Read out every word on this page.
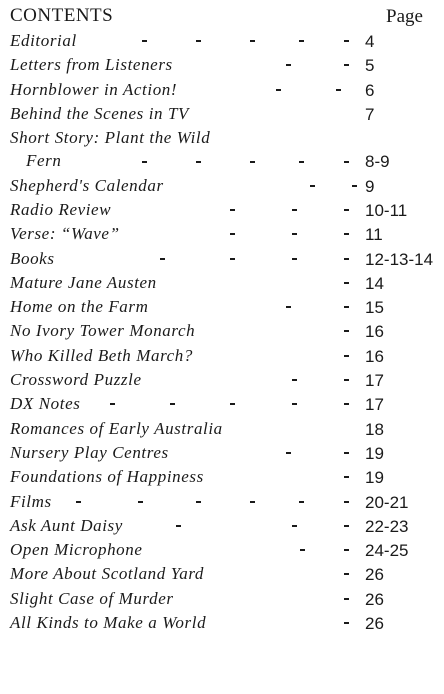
CONTENTS	Page
Editorial	4
Letters from Listeners	5
Hornblower in Action!	6
Behind the Scenes in TV	7
Short Story: Plant the Wild
Fern	8-9
Shepherd's Calendar	9
Radio Review	10-11
Verse: “Wave”	11
Books	12-13-14
Mature Jane Austen	14
Home on the Farm	15
No Ivory Tower Monarch	16
Who Killed Beth March?	16
Crossword Puzzle	17
DX Notes	17
Romances of Early Australia	18
Nursery Play Centres	19
Foundations of Happiness	19
Films	20-21
Ask Aunt Daisy	22-23
Open Microphone	24-25
More About Scotland Yard	26
Slight Case of Murder	26
All Kinds to Make a World	26
